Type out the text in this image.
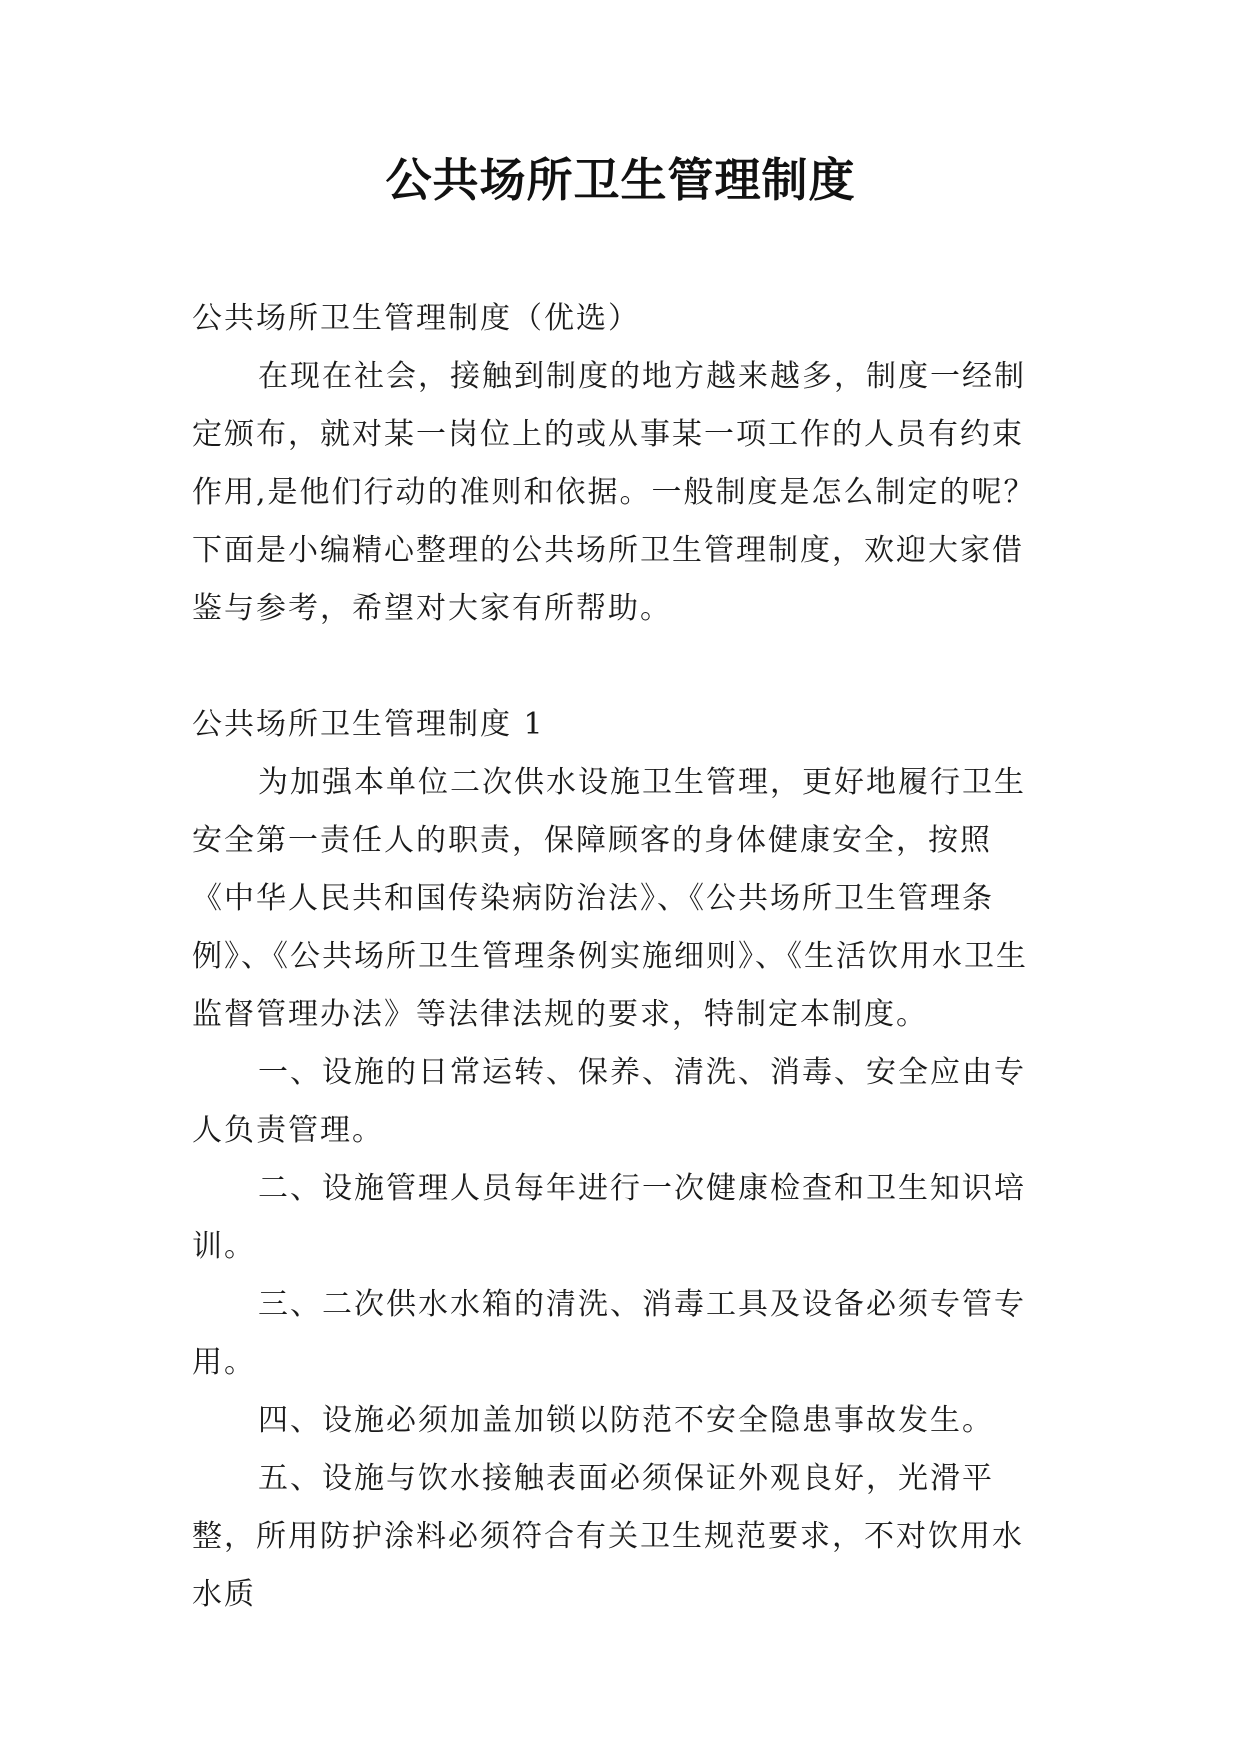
公共场所卫生管理制度

公共场所卫生管理制度（优选）

在现在社会，接触到制度的地方越来越多，制度一经制定颁布，就对某一岗位上的或从事某一项工作的人员有约束作用,是他们行动的准则和依据。一般制度是怎么制定的呢？下面是小编精心整理的公共场所卫生管理制度，欢迎大家借鉴与参考，希望对大家有所帮助。

公共场所卫生管理制度 1

为加强本单位二次供水设施卫生管理，更好地履行卫生安全第一责任人的职责，保障顾客的身体健康安全，按照《中华人民共和国传染病防治法》、《公共场所卫生管理条例》、《公共场所卫生管理条例实施细则》、《生活饮用水卫生监督管理办法》等法律法规的要求，特制定本制度。

一、设施的日常运转、保养、清洗、消毒、安全应由专人负责管理。

二、设施管理人员每年进行一次健康检查和卫生知识培训。

三、二次供水水箱的清洗、消毒工具及设备必须专管专用。

四、设施必须加盖加锁以防范不安全隐患事故发生。

五、设施与饮水接触表面必须保证外观良好，光滑平整，所用防护涂料必须符合有关卫生规范要求，不对饮用水水质
